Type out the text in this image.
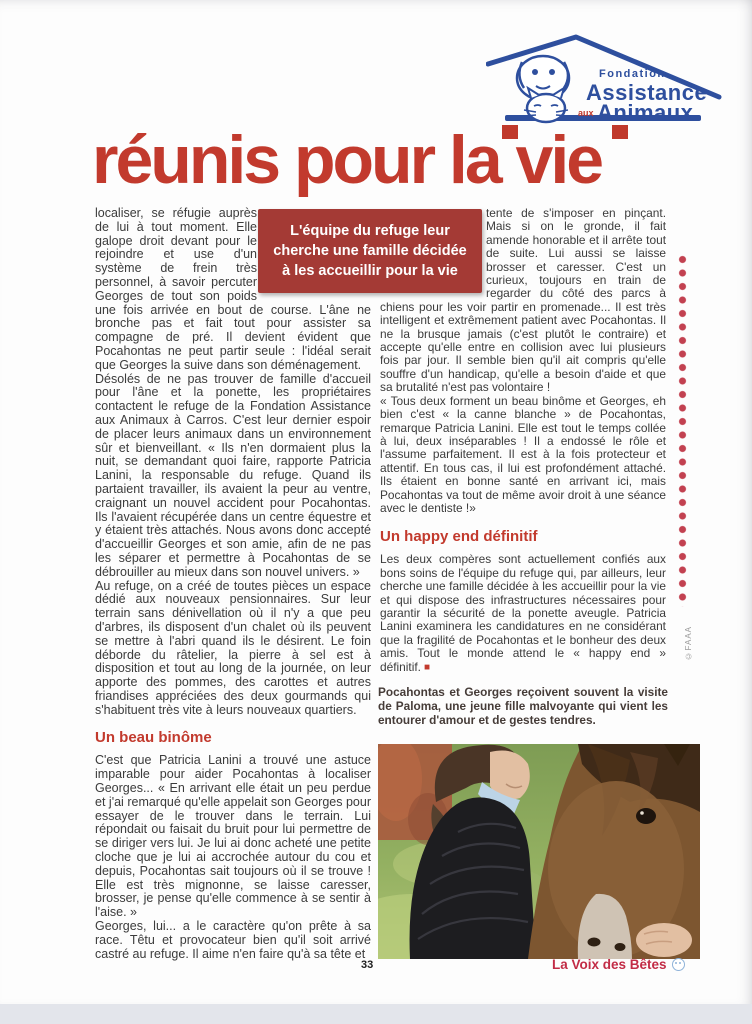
Fondation
Assistance
aux Animaux
réunis pour la vie
L'équipe du refuge leur
cherche une famille décidée
à les accueillir pour la vie

localiser, se réfugie auprès de lui à tout moment. Elle galope droit devant pour le rejoindre et use d'un système de frein très personnel, à savoir percuter Georges de tout son poids une fois arrivée en bout de course. L'âne ne bronche pas et fait tout pour assister sa compagne de pré. Il devient évident que Pocahontas ne peut partir seule : l'idéal serait que Georges la suive dans son déménagement.

Désolés de ne pas trouver de famille d'accueil pour l'âne et la ponette, les propriétaires contactent le refuge de la Fondation Assistance aux Animaux à Carros. C'est leur dernier espoir de placer leurs animaux dans un environnement sûr et bienveillant. « Ils n'en dormaient plus la nuit, se demandant quoi faire, rapporte Patricia Lanini, la responsable du refuge. Quand ils partaient travailler, ils avaient la peur au ventre, craignant un nouvel accident pour Pocahontas. Ils l'avaient récupérée dans un centre équestre et y étaient très attachés. Nous avons donc accepté d'accueillir Georges et son amie, afin de ne pas les séparer et permettre à Pocahontas de se débrouiller au mieux dans son nouvel univers. »

Au refuge, on a créé de toutes pièces un espace dédié aux nouveaux pensionnaires. Sur leur terrain sans dénivellation où il n'y a que peu d'arbres, ils disposent d'un chalet où ils peuvent se mettre à l'abri quand ils le désirent. Le foin déborde du râtelier, la pierre à sel est à disposition et tout au long de la journée, on leur apporte des pommes, des carottes et autres friandises appréciées des deux gourmands qui s'habituent très vite à leurs nouveaux quartiers.

Un beau binôme

C'est que Patricia Lanini a trouvé une astuce imparable pour aider Pocahontas à localiser Georges... « En arrivant elle était un peu perdue et j'ai remarqué qu'elle appelait son Georges pour essayer de le trouver dans le terrain. Lui répondait ou faisait du bruit pour lui permettre de se diriger vers lui. Je lui ai donc acheté une petite cloche que je lui ai accrochée autour du cou et depuis, Pocahontas sait toujours où il se trouve ! Elle est très mignonne, se laisse caresser, brosser, je pense qu'elle commence à se sentir à l'aise. »

Georges, lui... a le caractère qu'on prête à sa race. Têtu et provocateur bien qu'il soit arrivé castré au refuge. Il aime n'en faire qu'à sa tête et

tente de s'imposer en pinçant. Mais si on le gronde, il fait amende honorable et il arrête tout de suite. Lui aussi se laisse brosser et caresser. C'est un curieux, toujours en train de regarder du côté des parcs à chiens pour les voir partir en promenade... Il est très intelligent et extrêmement patient avec Pocahontas. Il ne la brusque jamais (c'est plutôt le contraire) et accepte qu'elle entre en collision avec lui plusieurs fois par jour. Il semble bien qu'il ait compris qu'elle souffre d'un handicap, qu'elle a besoin d'aide et que sa brutalité n'est pas volontaire !

« Tous deux forment un beau binôme et Georges, eh bien c'est « la canne blanche » de Pocahontas, remarque Patricia Lanini. Elle est tout le temps collée à lui, deux inséparables ! Il a endossé le rôle et l'assume parfaitement. Il est à la fois protecteur et attentif. En tous cas, il lui est profondément attaché. Ils étaient en bonne santé en arrivant ici, mais Pocahontas va tout de même avoir droit à une séance avec le dentiste !»

Un happy end définitif

Les deux compères sont actuellement confiés aux bons soins de l'équipe du refuge qui, par ailleurs, leur cherche une famille décidée à les accueillir pour la vie et qui dispose des infrastructures nécessaires pour garantir la sécurité de la ponette aveugle. Patricia Lanini examinera les candidatures en ne considérant que la fragilité de Pocahontas et le bonheur des deux amis. Tout le monde attend le « happy end » définitif. ■

Pocahontas et Georges reçoivent souvent la visite de Paloma, une jeune fille malvoyante qui vient les entourer d'amour et de gestes tendres.
©FAAA
33	La Voix des Bêtes
